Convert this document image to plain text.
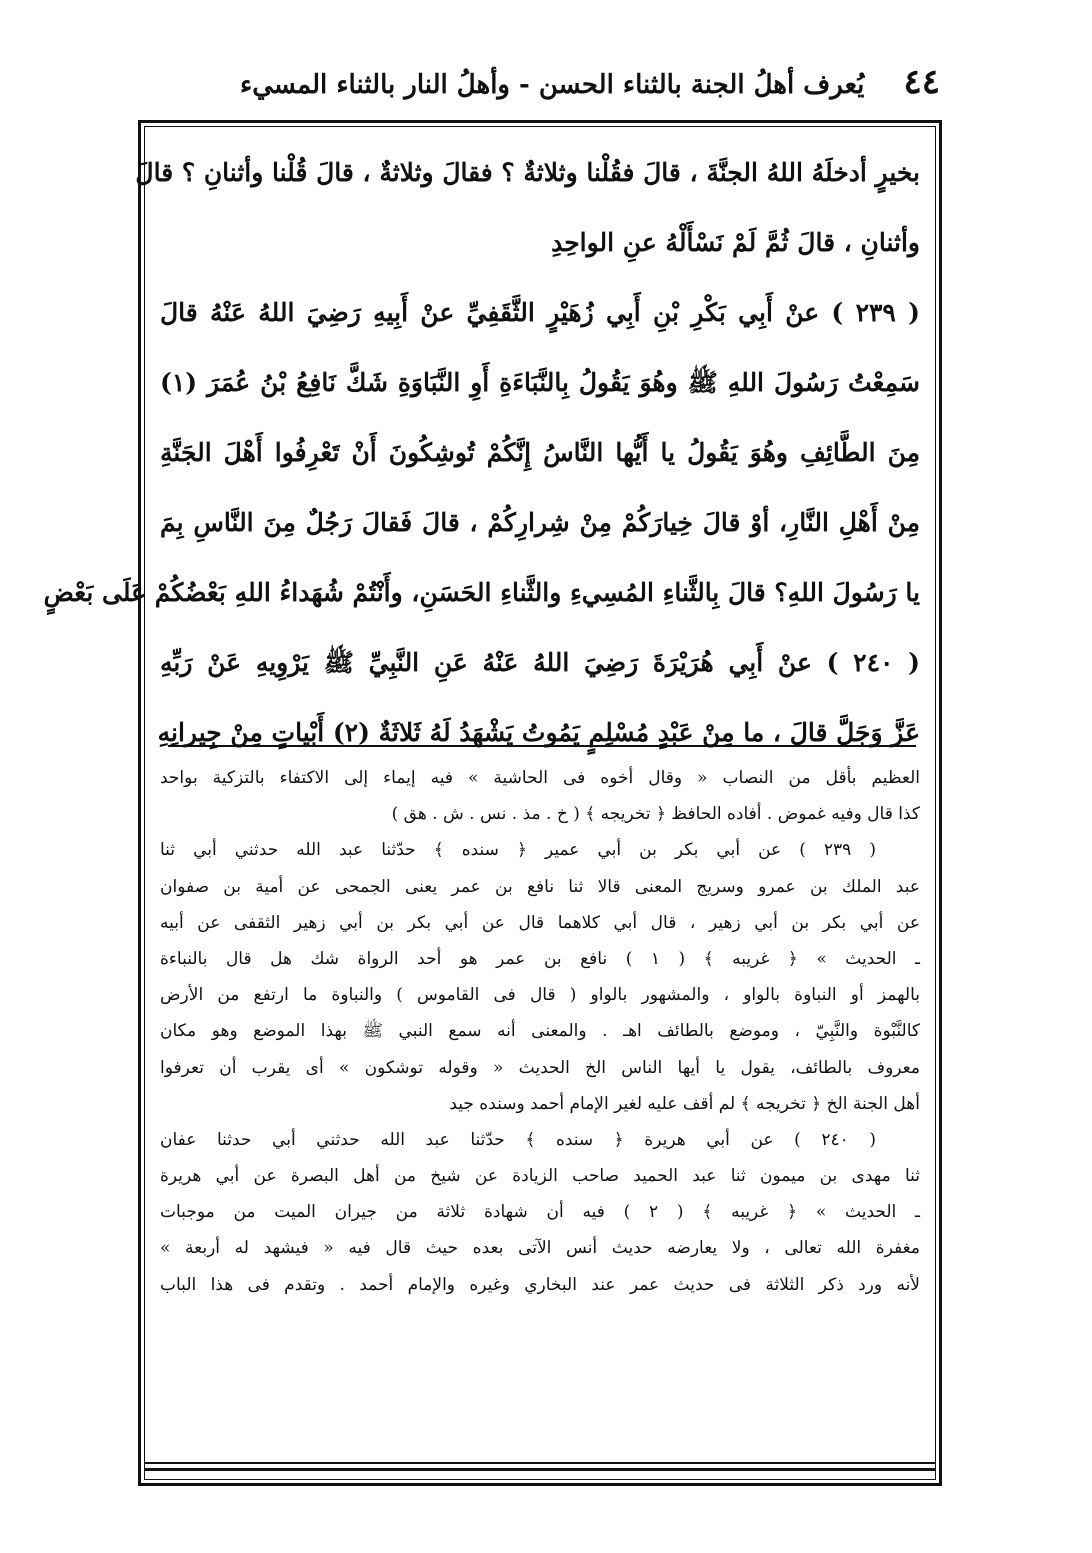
٤٤
يُعرف أهلُ الجنة بالثناء الحسن - وأهلُ النار بالثناء المسيء
بخيرٍ أدخلَهُ اللهُ الجنَّةَ ، قالَ فقُلْنا وثلاثةٌ ؟ فقالَ وثلاثةٌ ، قالَ قُلْنا وأثنانِ ؟ قالَ
وأثنانِ ، قالَ ثُمَّ لَمْ نَسْأَلْهُ عنِ الواحِدِ
( ٢٣٩ ) عنْ أَبِي بَكْرِ بْنِ أَبِي زُهَيْرٍ الثَّقَفِيِّ عنْ أَبِيهِ رَضِيَ اللهُ عَنْهُ قالَ
سَمِعْتُ رَسُولَ اللهِ ﷺ وهُوَ يَقُولُ بِالنَّبَاءَةِ أَوِ النَّبَاوَةِ شَكَّ نَافِعُ بْنُ عُمَرَ (١)
مِنَ الطَّائِفِ وهُوَ يَقُولُ يا أَيُّها النَّاسُ إِنَّكُمْ تُوشِكُونَ أَنْ تَعْرِفُوا أَهْلَ الجَنَّةِ
مِنْ أَهْلِ النَّارِ، أوْ قالَ خِيارَكُمْ مِنْ شِرارِكُمْ ، قالَ فَقالَ رَجُلٌ مِنَ النَّاسِ بِمَ
يا رَسُولَ اللهِ؟ قالَ بِالثَّناءِ المُسِيءِ والثَّناءِ الحَسَنِ، وأَنْتُمْ شُهَداءُ اللهِ بَعْضُكُمْ عَلَى بَعْضٍ
( ٢٤٠ ) عنْ أَبِي هُرَيْرَةَ رَضِيَ اللهُ عَنْهُ عَنِ النَّبِيِّ ﷺ يَرْوِيهِ عَنْ رَبِّهِ
عَزَّ وَجَلَّ قالَ ، ما مِنْ عَبْدٍ مُسْلِمٍ يَمُوتُ يَشْهَدُ لَهُ ثَلاثَةٌ (٢) أَبْياتٍ مِنْ جِيرانِهِ
العظيم بأقل من النصاب « وقال أخوه فى الحاشية » فيه إيماء إلى الاكتفاء بالتزكية بواحد
كذا قال وفيه غموض . أفاده الحافظ ﴿ تخريجه ﴾ ( خ . مذ . نس . ش . هق )
( ٢٣٩ ) عن أبي بكر بن أبي عمير ﴿ سنده ﴾ حدّثنا عبد الله حدثني أبي ثنا
عبد الملك بن عمرو وسريج المعنى قالا ثنا نافع بن عمر يعنى الجمحى عن أمية بن صفوان
عن أبي بكر بن أبي زهير ، قال أبي كلاهما قال عن أبي بكر بن أبي زهير الثقفى عن أبيه
ـ الحديث » ﴿ غريبه ﴾ ( ١ ) نافع بن عمر هو أحد الرواة شك هل قال بالنباءة
بالهمز أو النباوة بالواو ، والمشهور بالواو ( قال فى القاموس ) والنباوة ما ارتفع من الأرض
كالنَّبْوة والنَّبِيّ ، وموضع بالطائف اهـ . والمعنى أنه سمع النبي ﷺ بهذا الموضع وهو مكان
معروف بالطائف، يقول يا أيها الناس الخ الحديث « وقوله توشكون » أى يقرب أن تعرفوا
أهل الجنة الخ ﴿ تخريجه ﴾ لم أقف عليه لغير الإمام أحمد وسنده جيد
( ٢٤٠ ) عن أبي هريرة ﴿ سنده ﴾ حدّثنا عبد الله حدثني أبي حدثنا عفان
ثنا مهدى بن ميمون ثنا عبد الحميد صاحب الزيادة عن شيخ من أهل البصرة عن أبي هريرة
ـ الحديث » ﴿ غريبه ﴾ ( ٢ ) فيه أن شهادة ثلاثة من جيران الميت من موجبات
مغفرة الله تعالى ، ولا يعارضه حديث أنس الآتى بعده حيث قال فيه « فيشهد له أربعة »
لأنه ورد ذكر الثلاثة فى حديث عمر عند البخاري وغيره والإمام أحمد . وتقدم فى هذا الباب
